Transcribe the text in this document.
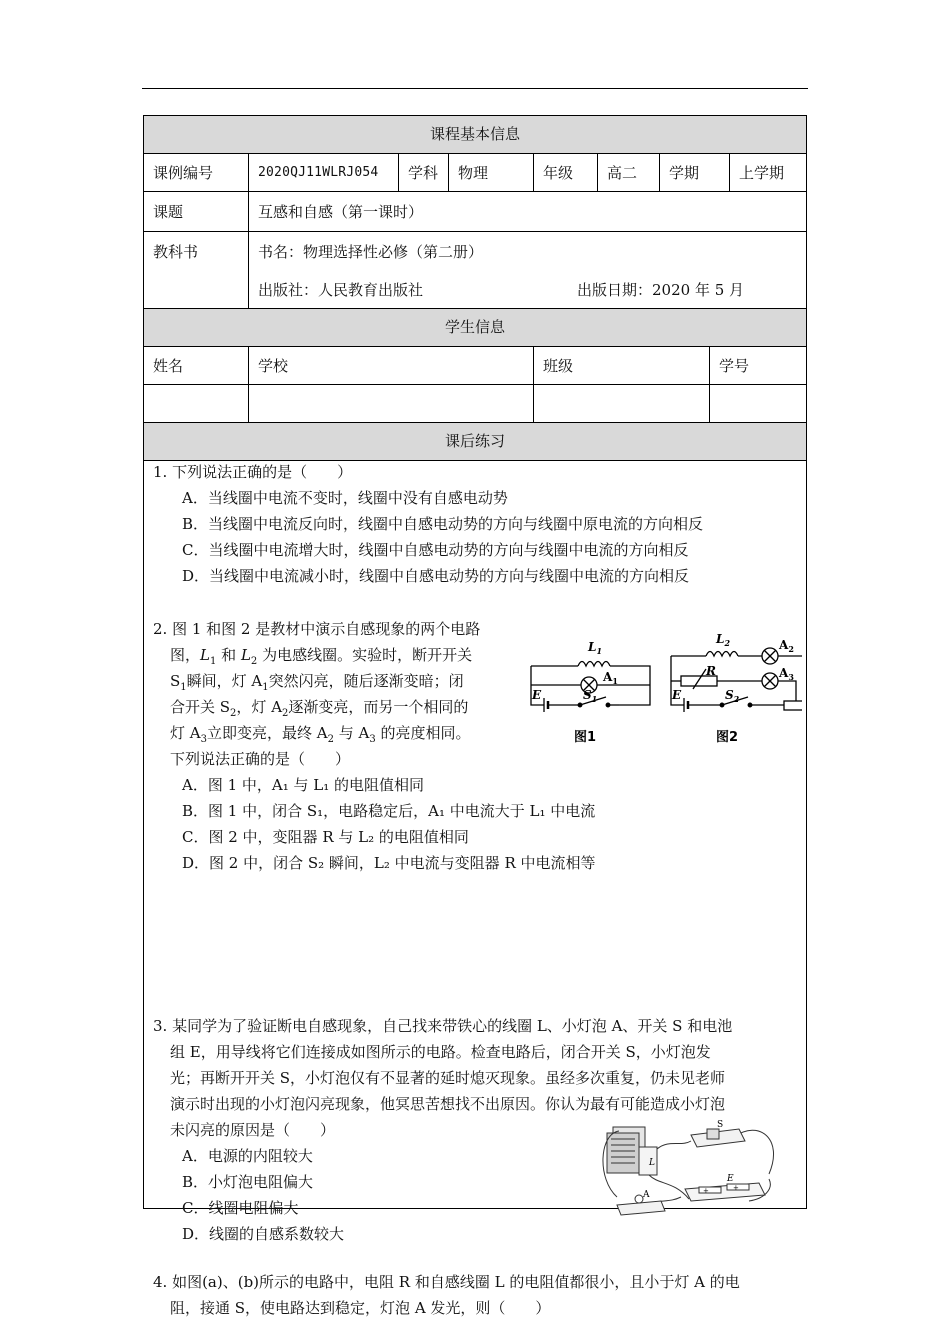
课程基本信息
课例编号	2020QJ11WLRJ054	学科	物理	年级	高二	学期	上学期
课题	互感和自感（第一课时）
教科书	书名：物理选择性必修（第二册）
出版社：人民教育出版社	出版日期：2020 年 5 月
学生信息
姓名	学校	班级	学号
课后练习
1. 下列说法正确的是（　　）
A．当线圈中电流不变时，线圈中没有自感电动势
B．当线圈中电流反向时，线圈中自感电动势的方向与线圈中原电流的方向相反
C．当线圈中电流增大时，线圈中自感电动势的方向与线圈中电流的方向相反
D．当线圈中电流减小时，线圈中自感电动势的方向与线圈中电流的方向相反
2. 图 1 和图 2 是教材中演示自感现象的两个电路
图，$L_1$ 和 $L_2$ 为电感线圈。实验时，断开开关
$S_1$瞬间，灯 $A_1$突然闪亮，随后逐渐变暗；闭
合开关 $S_2$，灯 $A_2$逐渐变亮，而另一个相同的
灯 $A_3$立即变亮，最终 $A_2$ 与 $A_3$ 的亮度相同。
下列说法正确的是（　　）
A．图 1 中，A₁ 与 L₁ 的电阻值相同
B．图 1 中，闭合 S₁，电路稳定后，A₁ 中电流大于 L₁ 中电流
C．图 2 中，变阻器 R 与 L₂ 的电阻值相同
D．图 2 中，闭合 S₂ 瞬间，L₂ 中电流与变阻器 R 中电流相等
$L_1$
$A_1$
E	$S_1$
图1
$L_2$	$A_2$
R	$A_3$
E	$S_2$
图2
3. 某同学为了验证断电自感现象，自己找来带铁心的线圈 L、小灯泡 A、开关 S 和电池
组 E，用导线将它们连接成如图所示的电路。检查电路后，闭合开关 S，小灯泡发
光；再断开开关 S，小灯泡仅有不显著的延时熄灭现象。虽经多次重复，仍未见老师
演示时出现的小灯泡闪亮现象，他冥思苦想找不出原因。你认为最有可能造成小灯泡
未闪亮的原因是（　　）
A．电源的内阻较大
B．小灯泡电阻偏大
C．线圈电阻偏大
D．线圈的自感系数较大
S
L
E
A	+	+
4. 如图(a)、(b)所示的电路中，电阻 R 和自感线圈 L 的电阻值都很小，且小于灯 A 的电
阻，接通 S，使电路达到稳定，灯泡 A 发光，则（　　）
